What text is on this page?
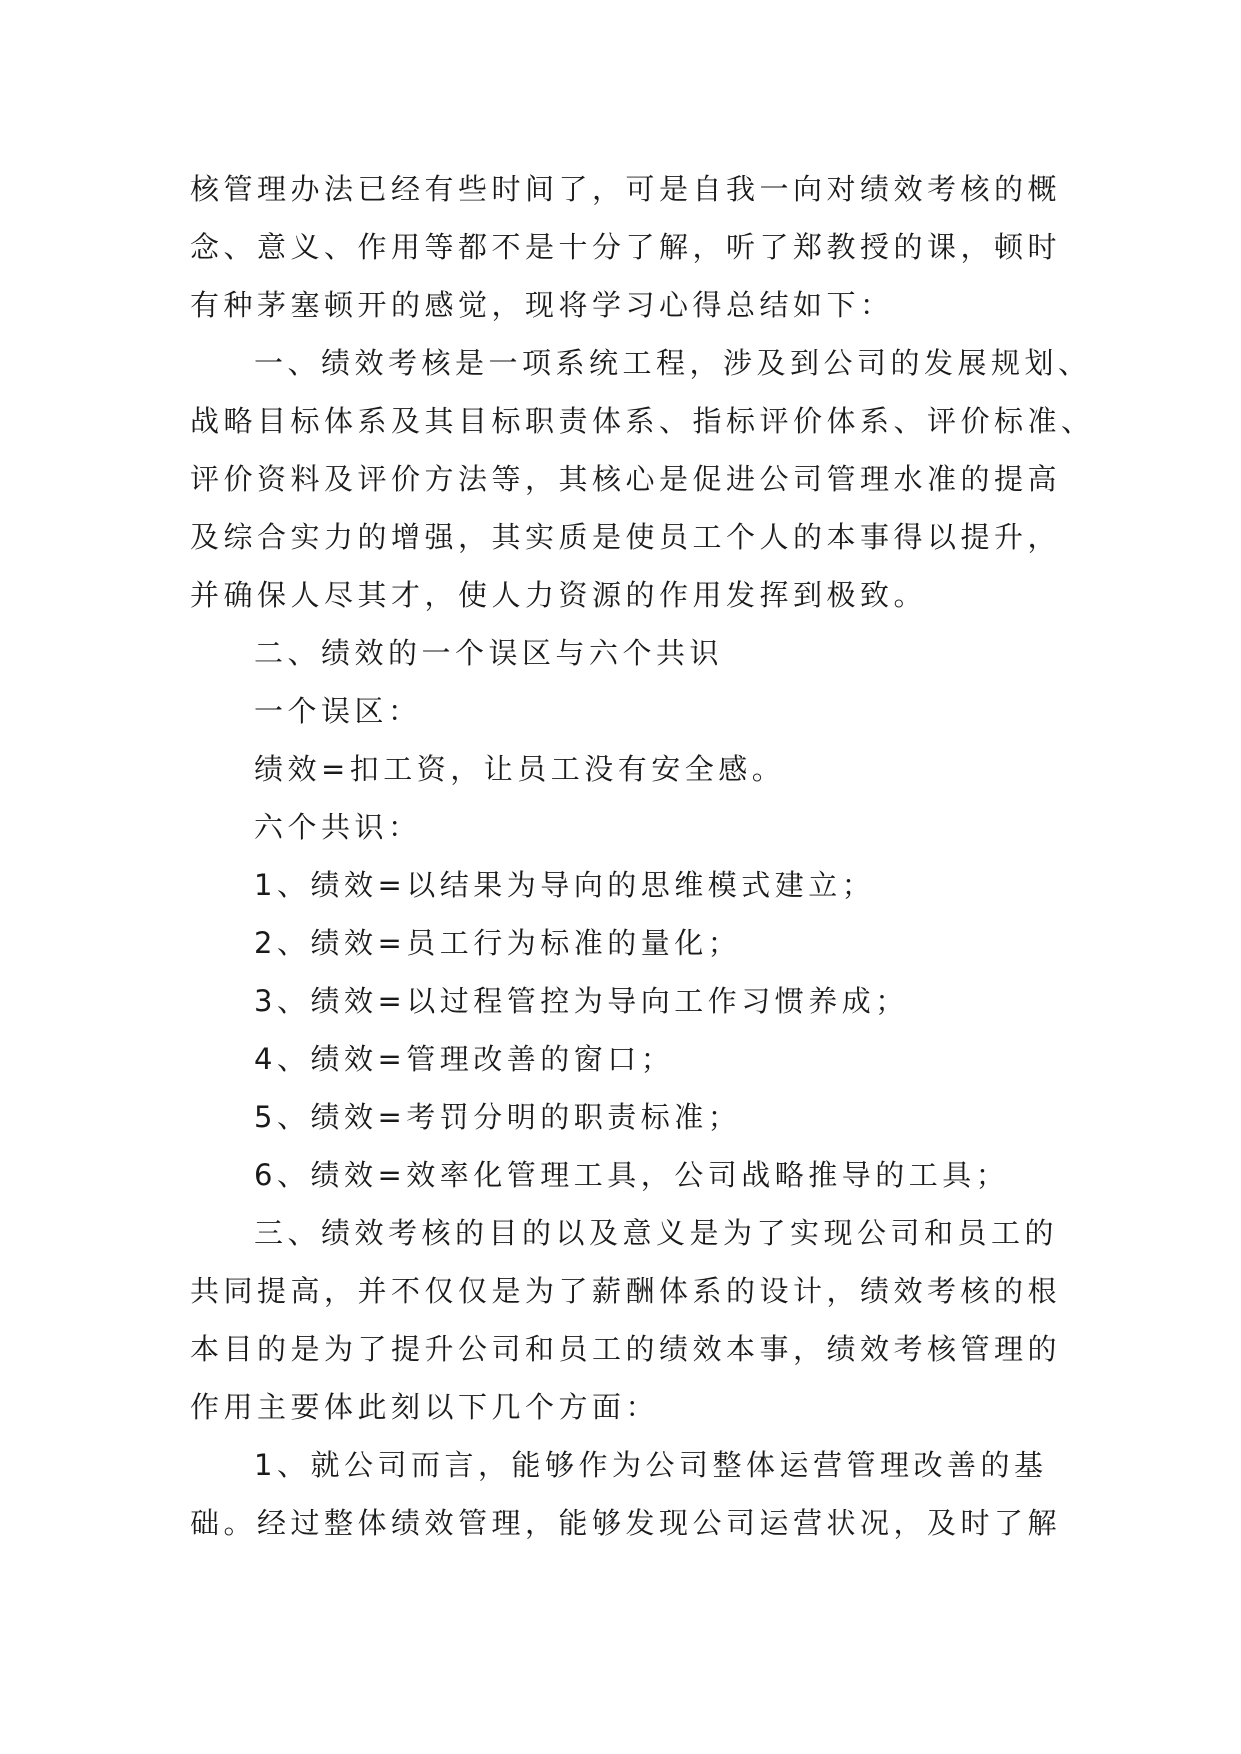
核管理办法已经有些时间了，可是自我一向对绩效考核的概
念、意义、作用等都不是十分了解，听了郑教授的课，顿时
有种茅塞顿开的感觉，现将学习心得总结如下：
一、绩效考核是一项系统工程，涉及到公司的发展规划、
战略目标体系及其目标职责体系、指标评价体系、评价标准、
评价资料及评价方法等，其核心是促进公司管理水准的提高
及综合实力的增强，其实质是使员工个人的本事得以提升，
并确保人尽其才，使人力资源的作用发挥到极致。
二、绩效的一个误区与六个共识
一个误区：
绩效=扣工资，让员工没有安全感。
六个共识：
1、绩效=以结果为导向的思维模式建立；
2、绩效=员工行为标准的量化；
3、绩效=以过程管控为导向工作习惯养成；
4、绩效=管理改善的窗口；
5、绩效=考罚分明的职责标准；
6、绩效=效率化管理工具，公司战略推导的工具；
三、绩效考核的目的以及意义是为了实现公司和员工的
共同提高，并不仅仅是为了薪酬体系的设计，绩效考核的根
本目的是为了提升公司和员工的绩效本事，绩效考核管理的
作用主要体此刻以下几个方面：
1、就公司而言，能够作为公司整体运营管理改善的基
础。经过整体绩效管理，能够发现公司运营状况，及时了解
